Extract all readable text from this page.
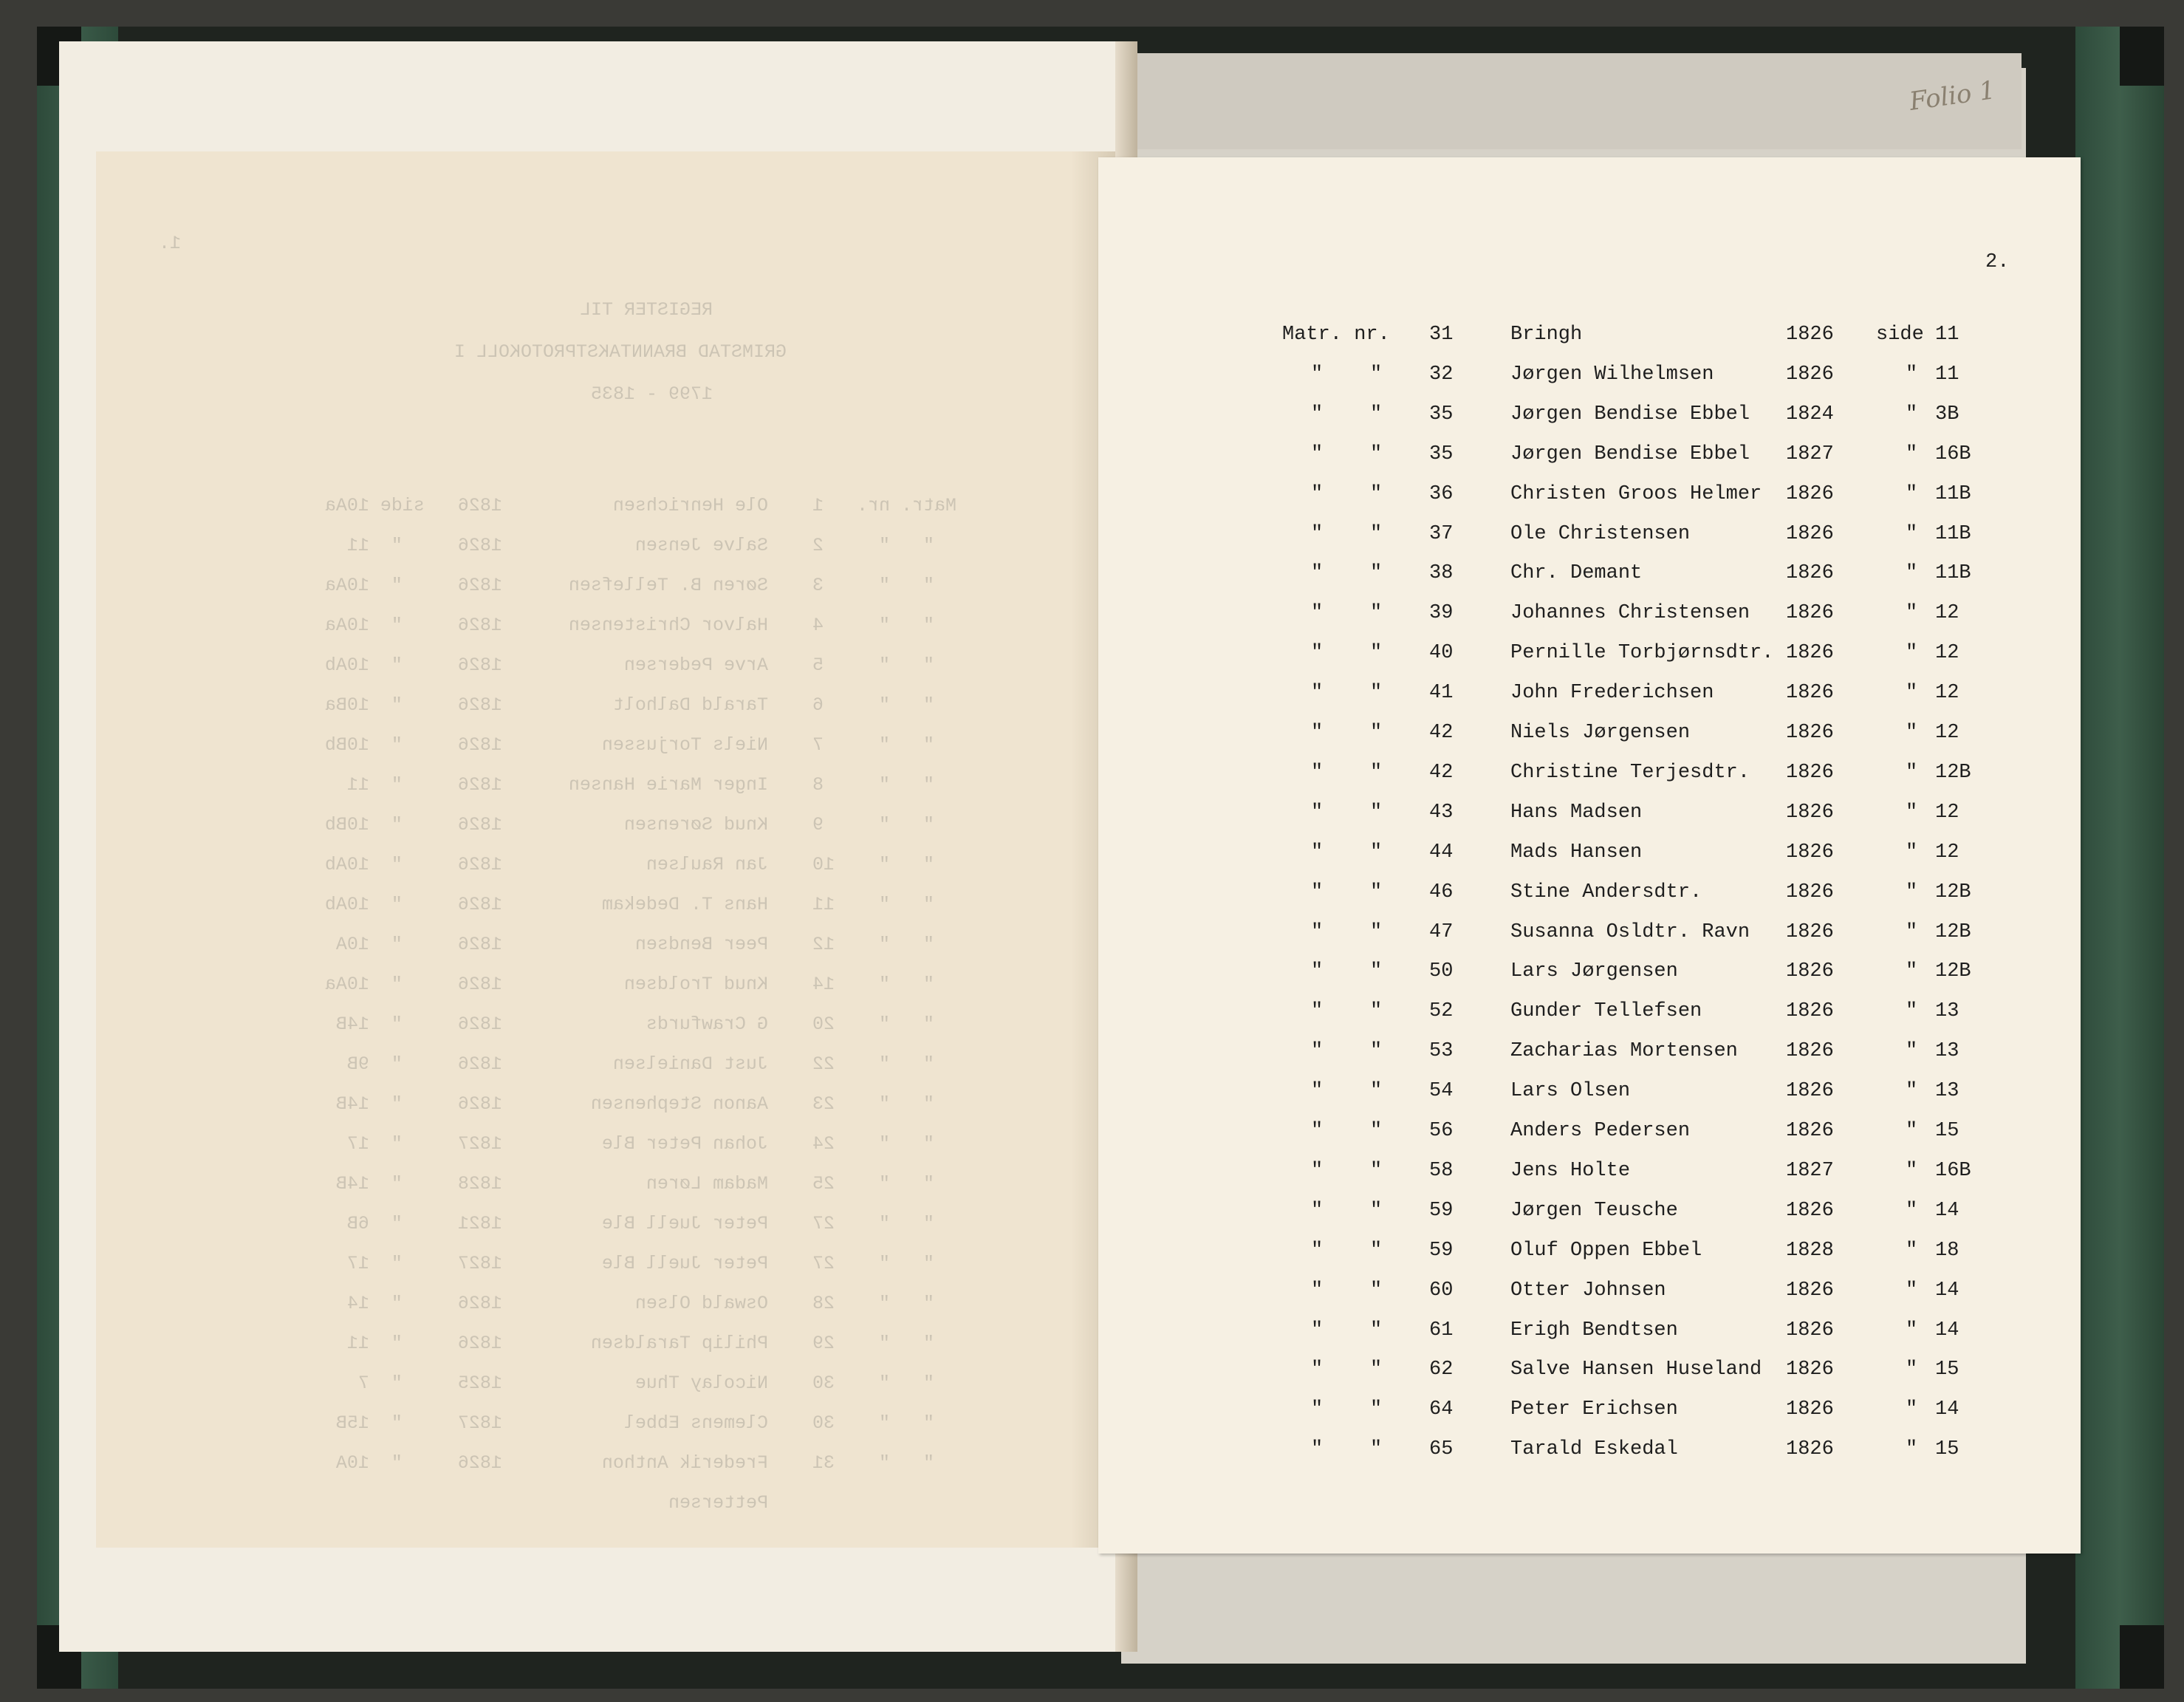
Folio 1
1.
REGISTER TIL
GRIMSTAD BRANNTAKSTPROTOKOLL I
1799 - 1835
Matr. nr.   1    Ole Henrichsen          1826   side 10Aa
"   "     2    Salve Jensen            1826     "  11
"   "     3    Søren B. Tellefsen      1826     "  10Aa
"   "     4    Halvor Christensen      1826     "  10Aa
"   "     5    Arve Pedersen           1826     "  10Ab
"   "     6    Tarald Dalholt          1826     "  10Ba
"   "     7    Niels Torjussen         1826     "  10Bb
"   "     8    Inger Marie Hansen      1826     "  11
"   "     9    Knud Sørensen           1826     "  10Bb
"   "    10    Jan Raulsen             1826     "  10Ab
"   "    11    Hans T. Dedekam         1826     "  10Ab
"   "    12    Peer Bendsen            1826     "  10A
"   "    14    Knud Troldsen           1826     "  10Aa
"   "    20    G Crawfurds             1826     "  14B
"   "    22    Just Danielsen          1826     "  9B
"   "    23    Aanon Stephensen        1826     "  14B
"   "    24    Johan Peter Ble         1827     "  17
"   "    25    Madam Løren             1828     "  14B
"   "    27    Peter Juell Ble         1821     "  6B
"   "    27    Peter Juell Ble         1827     "  17
"   "    28    Oswald Olsen            1826     "  14
"   "    29    Philip Taraldsen        1826     "  11
"   "    30    Nicolay Thue            1825     "  7
"   "    30    Clemens Ebbel           1827     "  15B
"   "    31    Frederik Anthon         1826     "  10A
Pettersen
2.
Matr. nr. 31	Bringh	1826 side 11
" " 32	Jørgen Wilhelmsen	1826	" 11
" " 35	Jørgen Bendise Ebbel 1824	" 3B
" " 35	Jørgen Bendise Ebbel 1827	" 16B
" " 36	Christen Groos Helmer 1826	" 11B
" " 37	Ole Christensen	1826	" 11B
" " 38	Chr. Demant	1826	" 11B
" " 39	Johannes Christensen 1826	" 12
" " 40	Pernille Torbjørnsdtr. 1826	" 12
" " 41	John Frederichsen	1826	" 12
" " 42	Niels Jørgensen	1826	" 12
" " 42	Christine Terjesdtr. 1826	" 12B
" " 43	Hans Madsen	1826	" 12
" " 44	Mads Hansen	1826	" 12
" " 46	Stine Andersdtr.	1826	" 12B
" " 47	Susanna Osldtr. Ravn 1826	" 12B
" " 50	Lars Jørgensen	1826	" 12B
" " 52	Gunder Tellefsen	1826	" 13
" " 53	Zacharias Mortensen 1826	" 13
" " 54	Lars Olsen	1826	" 13
" " 56	Anders Pedersen	1826	" 15
" " 58	Jens Holte	1827	" 16B
" " 59	Jørgen Teusche	1826	" 14
" " 59	Oluf Oppen Ebbel	1828	" 18
" " 60	Otter Johnsen	1826	" 14
" " 61	Erigh Bendtsen	1826	" 14
" " 62	Salve Hansen Huseland 1826	" 15
" " 64	Peter Erichsen	1826	" 14
" " 65	Tarald Eskedal	1826	" 15
